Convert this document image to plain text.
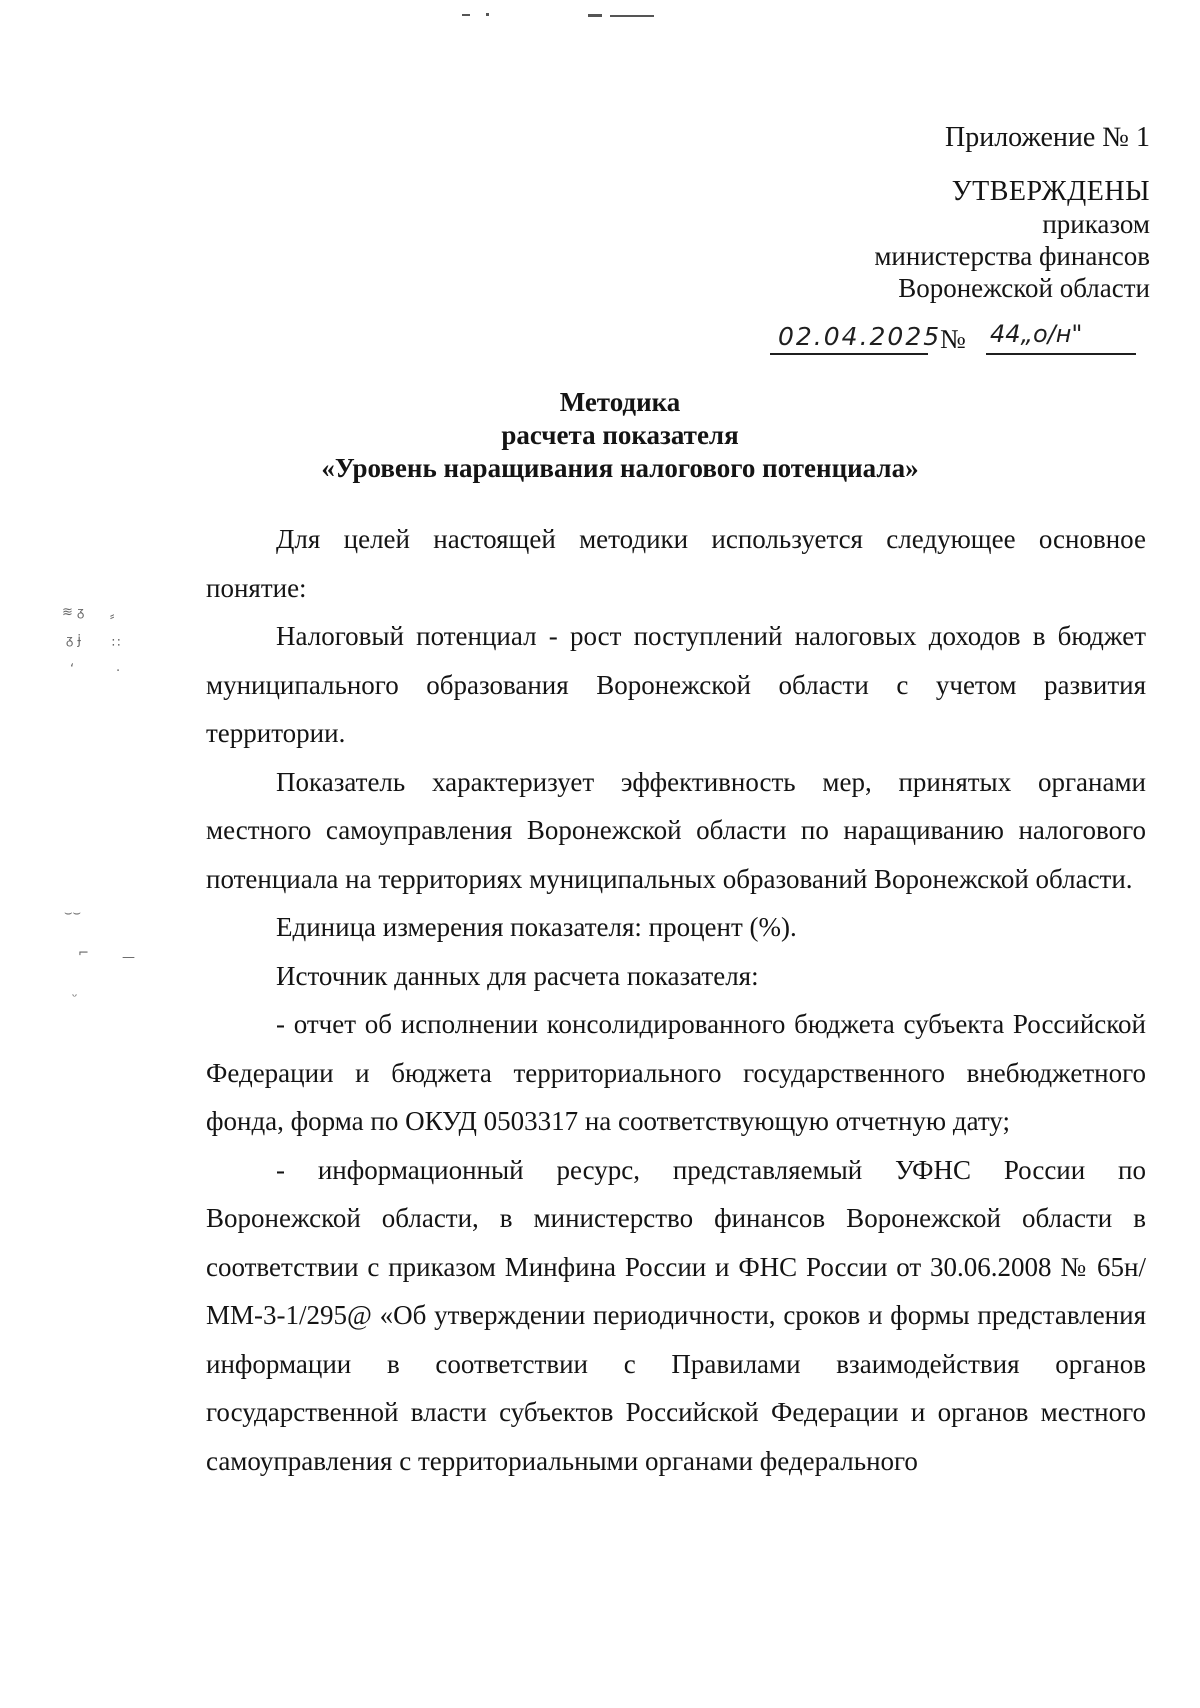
≋ ᵹ ⸗
ᵹ ɉ ∷
ʻ	·
⌣⌣
⌐	—
ᵕ
Приложение № 1
УТВЕРЖДЕНЫ
приказом
министерства финансов
Воронежской области
02.04.2025
№ 44„о/н"
Методика
расчета показателя
«Уровень наращивания налогового потенциала»

Для целей настоящей методики используется следующее основное понятие:

Налоговый потенциал - рост поступлений налоговых доходов в бюджет муниципального образования Воронежской области с учетом развития территории.

Показатель характеризует эффективность мер, принятых органами местного самоуправления Воронежской области по наращиванию налогового потенциала на территориях муниципальных образований Воронежской области.

Единица измерения показателя: процент (%).

Источник данных для расчета показателя:

- отчет об исполнении консолидированного бюджета субъекта Российской Федерации и бюджета территориального государственного внебюджетного фонда, форма по ОКУД 0503317 на соответствующую отчетную дату;

- информационный ресурс, представляемый УФНС России по Воронежской области, в министерство финансов Воронежской области в соответствии с приказом Минфина России и ФНС России от 30.06.2008 № 65н/ММ-3-1/295@ «Об утверждении периодичности, сроков и формы представления информации в соответствии с Правилами взаимодействия органов государственной власти субъектов Российской Федерации и органов местного самоуправления с территориальными органами федерального
